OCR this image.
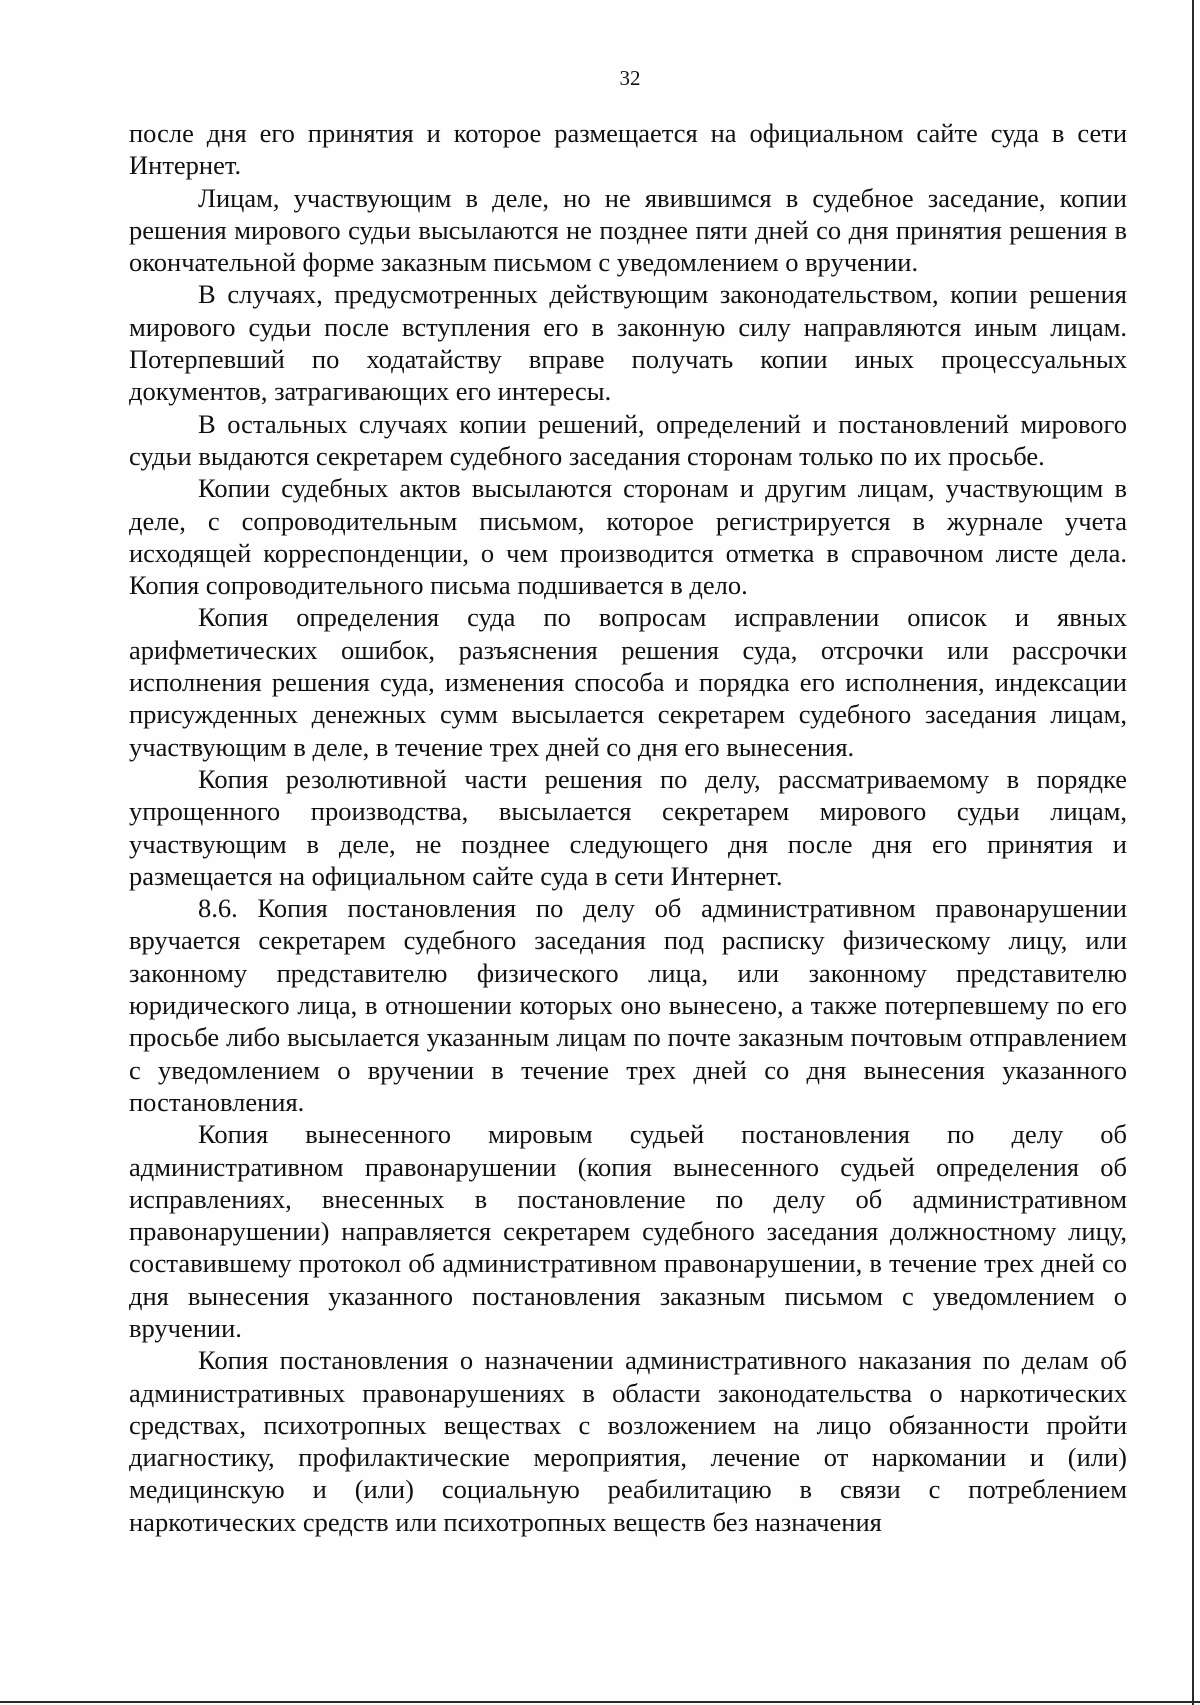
32

после дня его принятия и которое размещается на официальном сайте суда в сети Интернет.

Лицам, участвующим в деле, но не явившимся в судебное заседание, копии решения мирового судьи высылаются не позднее пяти дней со дня принятия решения в окончательной форме заказным письмом с уведомлением о вручении.

В случаях, предусмотренных действующим законодательством, копии решения мирового судьи после вступления его в законную силу направляются иным лицам. Потерпевший по ходатайству вправе получать копии иных процессуальных документов, затрагивающих его интересы.

В остальных случаях копии решений, определений и постановлений мирового судьи выдаются секретарем судебного заседания сторонам только по их просьбе.

Копии судебных актов высылаются сторонам и другим лицам, участвующим в деле, с сопроводительным письмом, которое регистрируется в журнале учета исходящей корреспонденции, о чем производится отметка в справочном листе дела. Копия сопроводительного письма подшивается в дело.

Копия определения суда по вопросам исправлении описок и явных арифметических ошибок, разъяснения решения суда, отсрочки или рассрочки исполнения решения суда, изменения способа и порядка его исполнения, индексации присужденных денежных сумм высылается секретарем судебного заседания лицам, участвующим в деле, в течение трех дней со дня его вынесения.

Копия резолютивной части решения по делу, рассматриваемому в порядке упрощенного производства, высылается секретарем мирового судьи лицам, участвующим в деле, не позднее следующего дня после дня его принятия и размещается на официальном сайте суда в сети Интернет.

8.6. Копия постановления по делу об административном правонарушении вручается секретарем судебного заседания под расписку физическому лицу, или законному представителю физического лица, или законному представителю юридического лица, в отношении которых оно вынесено, а также потерпевшему по его просьбе либо высылается указанным лицам по почте заказным почтовым отправлением с уведомлением о вручении в течение трех дней со дня вынесения указанного постановления.

Копия вынесенного мировым судьей постановления по делу об административном правонарушении (копия вынесенного судьей определения об исправлениях, внесенных в постановление по делу об административном правонарушении) направляется секретарем судебного заседания должностному лицу, составившему протокол об административном правонарушении, в течение трех дней со дня вынесения указанного постановления заказным письмом с уведомлением о вручении.

Копия постановления о назначении административного наказания по делам об административных правонарушениях в области законодательства о наркотических средствах, психотропных веществах с возложением на лицо обязанности пройти диагностику, профилактические мероприятия, лечение от наркомании и (или) медицинскую и (или) социальную реабилитацию в связи с потреблением наркотических средств или психотропных веществ без назначения
